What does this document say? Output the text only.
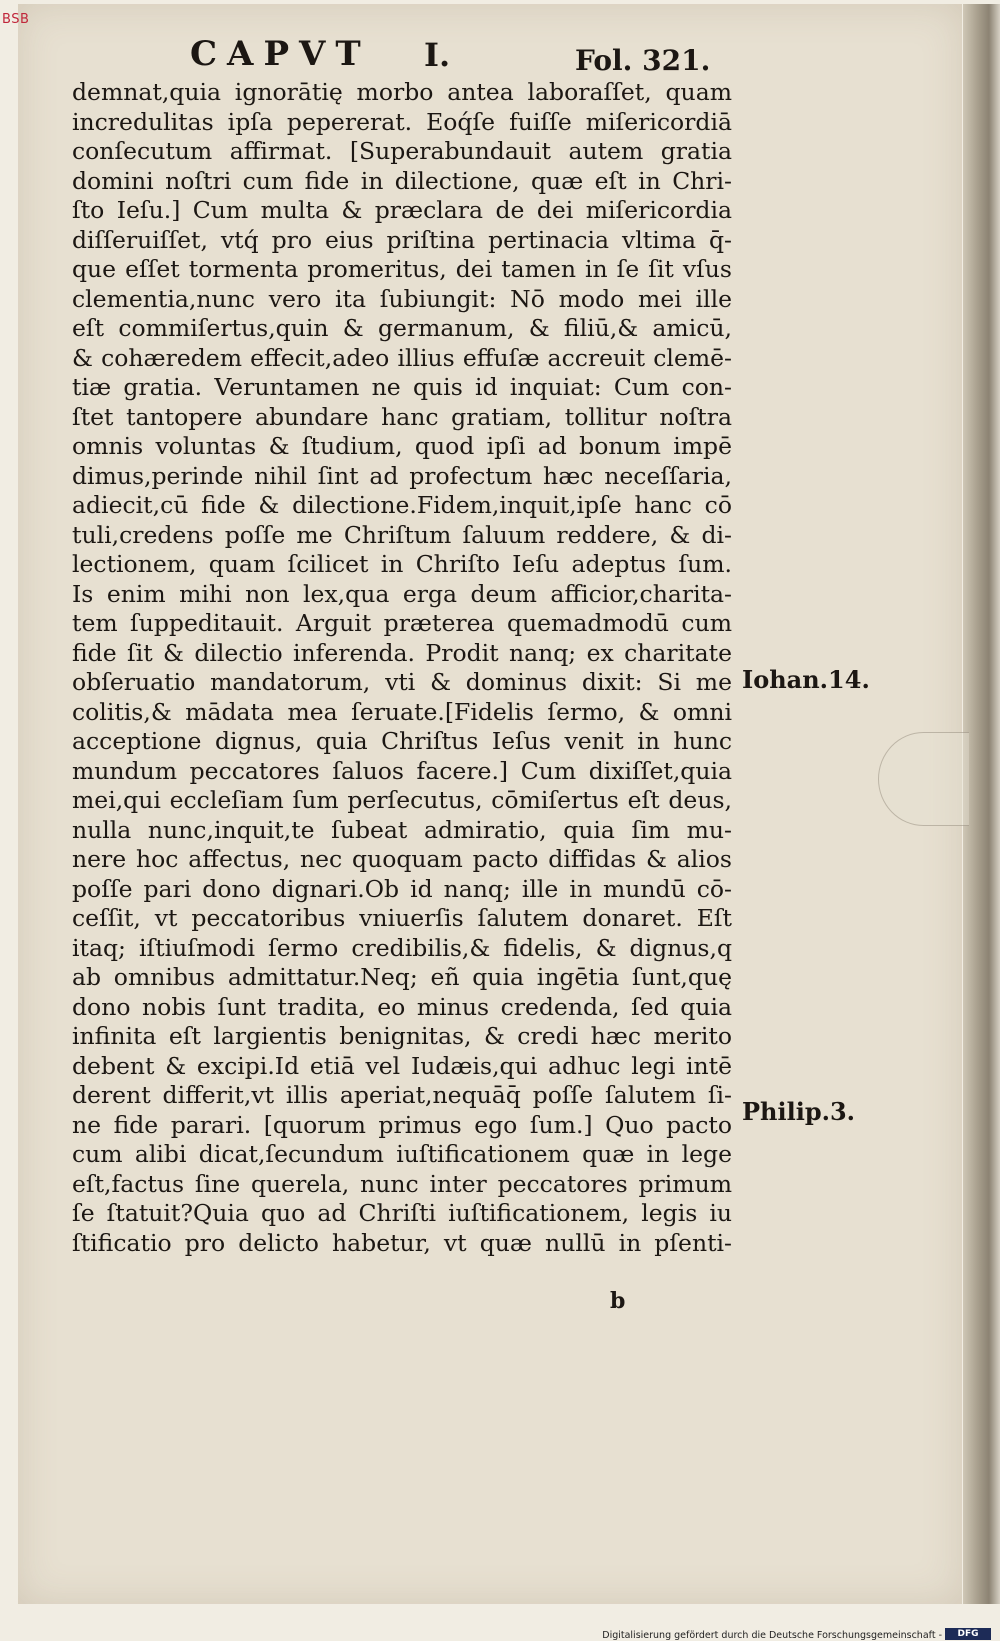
BSB
CAPVT I.	Fol. 321.
demnat,quia ignorātię morbo antea laboraſſet, quam
incredulitas ipſa pepererat. Eoq́ſe fuiſſe miſericordiā
conſecutum affirmat. [Superabundauit autem gratia
domini noſtri cum fide in dilectione, quæ eſt in Chri-
ſto Ieſu.] Cum multa & præclara de dei miſericordia
diſſeruiſſet, vtq́ pro eius priſtina pertinacia vltima q̄-
que eſſet tormenta promeritus, dei tamen in ſe ſit vſus
clementia,nunc vero ita ſubiungit: Nō modo mei ille
eſt commiſertus,quin & germanum, & filiū,& amicū,
& cohæredem effecit,adeo illius effuſæ accreuit clemē-
tiæ gratia. Veruntamen ne quis id inquiat: Cum con-
ſtet tantopere abundare hanc gratiam, tollitur noſtra
omnis voluntas & ſtudium, quod ipſi ad bonum impē
dimus,perinde nihil ſint ad profectum hæc neceſſaria,
adiecit,cū fide & dilectione.Fidem,inquit,ipſe hanc cō
tuli,credens poſſe me Chriſtum ſaluum reddere, & di-
lectionem, quam ſcilicet in Chriſto Ieſu adeptus ſum.
Is enim mihi non lex,qua erga deum afficior,charita-
tem ſuppeditauit. Arguit præterea quemadmodū cum
fide ſit & dilectio inferenda. Prodit nanq; ex charitate
obſeruatio mandatorum, vti & dominus dixit: Si me
colitis,& mādata mea ſeruate.[Fidelis ſermo, & omni
acceptione dignus, quia Chriſtus Ieſus venit in hunc
mundum peccatores ſaluos facere.] Cum dixiſſet,quia
mei,qui eccleſiam ſum perſecutus, cōmiſertus eſt deus,
nulla nunc,inquit,te ſubeat admiratio, quia ſim mu-
nere hoc affectus, nec quoquam pacto diffidas & alios
poſſe pari dono dignari.Ob id nanq; ille in mundū cō-
ceſſit, vt peccatoribus vniuerſis ſalutem donaret. Eſt
itaq; iſtiuſmodi ſermo credibilis,& fidelis, & dignus,q
ab omnibus admittatur.Neq; eñ quia ingētia ſunt,quę
dono nobis ſunt tradita, eo minus credenda, ſed quia
infinita eſt largientis benignitas, & credi hæc merito
debent & excipi.Id etiā vel Iudæis,qui adhuc legi intē
derent differit,vt illis aperiat,nequāq̄ poſſe ſalutem ſi-
ne fide parari. [quorum primus ego ſum.] Quo pacto
cum alibi dicat,ſecundum iuſtificationem quæ in lege
eſt,factus ſine querela, nunc inter peccatores primum
ſe ſtatuit?Quia quo ad Chriſti iuſtificationem, legis iu
ſtificatio pro delicto habetur, vt quæ nullū in pſenti-
Iohan.14.
Philip.3.
b
Digitalisierung gefördert durch die Deutsche Forschungsgemeinschaft -	DFG
